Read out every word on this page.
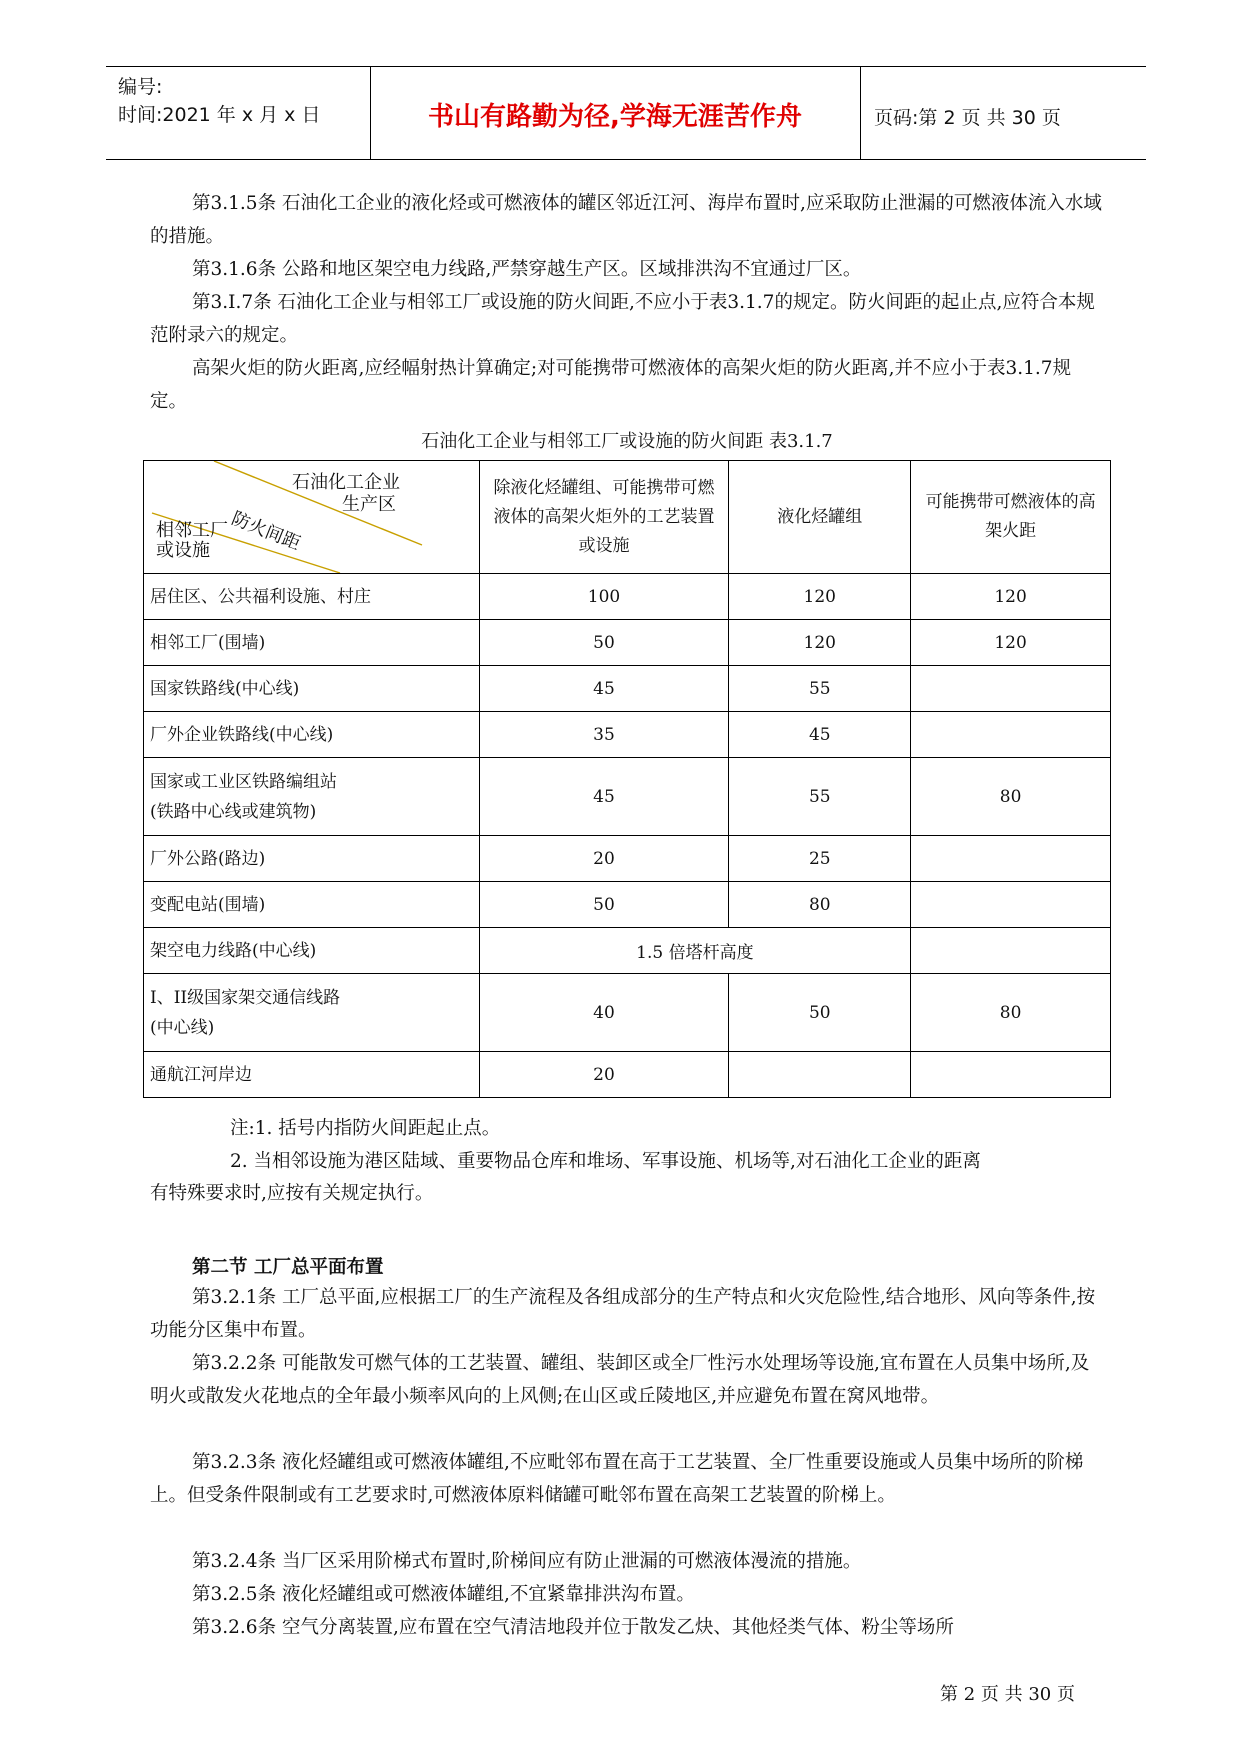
编号:
时间:2021 年 x 月 x 日	书山有路勤为径,学海无涯苦作舟	页码:第 2 页 共 30 页
第3.1.5条 石油化工企业的液化烃或可燃液体的罐区邻近江河、海岸布置时,应采取防止泄漏的可燃液体流入水域的措施。
第3.1.6条 公路和地区架空电力线路,严禁穿越生产区。区域排洪沟不宜通过厂区。
第3.I.7条 石油化工企业与相邻工厂或设施的防火间距,不应小于表3.1.7的规定。防火间距的起止点,应符合本规范附录六的规定。
高架火炬的防火距离,应经幅射热计算确定;对可能携带可燃液体的高架火炬的防火距离,并不应小于表3.1.7规定。
石油化工企业与相邻工厂或设施的防火间距 表3.1.7
石油化工企业
生产区
防火间距
相邻工厂
或设施	除液化烃罐组、可能携带可燃液体的高架火炬外的工艺装置或设施	液化烃罐组	可能携带可燃液体的高架火距
居住区、公共福利设施、村庄	100	120	120
相邻工厂(围墙)	50	120	120
国家铁路线(中心线)	45	55	
厂外企业铁路线(中心线)	35	45	

国家或工业区铁路编组站
(铁路中心线或建筑物)	45	55	80
厂外公路(路边)	20	25	
变配电站(围墙)	50	80	
架空电力线路(中心线)	1.5 倍塔杆高度		

I、II级国家架交通信线路
(中心线)	40	50	80
通航江河岸边	20		
注:1. 括号内指防火间距起止点。
2. 当相邻设施为港区陆域、重要物品仓库和堆场、军事设施、机场等,对石油化工企业的距离
有特殊要求时,应按有关规定执行。
第二节 工厂总平面布置
第3.2.1条 工厂总平面,应根据工厂的生产流程及各组成部分的生产特点和火灾危险性,结合地形、风向等条件,按功能分区集中布置。
第3.2.2条 可能散发可燃气体的工艺装置、罐组、装卸区或全厂性污水处理场等设施,宜布置在人员集中场所,及明火或散发火花地点的全年最小频率风向的上风侧;在山区或丘陵地区,并应避免布置在窝风地带。
第3.2.3条 液化烃罐组或可燃液体罐组,不应毗邻布置在高于工艺装置、全厂性重要设施或人员集中场所的阶梯上。但受条件限制或有工艺要求时,可燃液体原料储罐可毗邻布置在高架工艺装置的阶梯上。
第3.2.4条 当厂区采用阶梯式布置时,阶梯间应有防止泄漏的可燃液体漫流的措施。
第3.2.5条 液化烃罐组或可燃液体罐组,不宜紧靠排洪沟布置。
第3.2.6条 空气分离装置,应布置在空气清洁地段并位于散发乙炔、其他烃类气体、粉尘等场所
第 2 页 共 30 页
